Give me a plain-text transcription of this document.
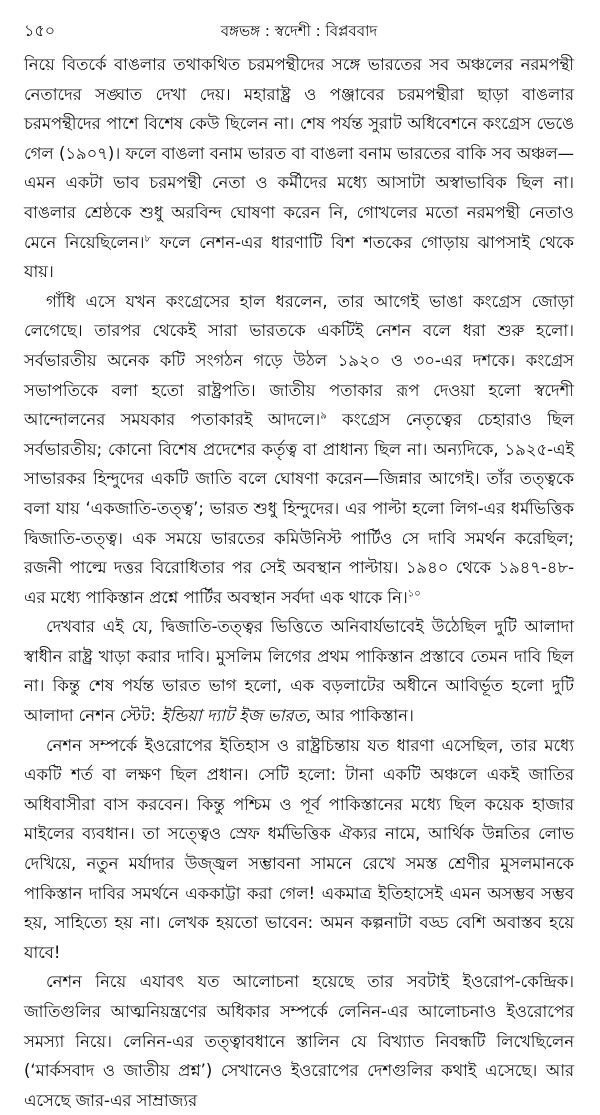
১৫০	বঙ্গভঙ্গ : স্বদেশী : বিপ্লববাদ

নিয়ে বিতর্কে বাঙলার তথাকথিত চরমপন্থীদের সঙ্গে ভারতের সব অঞ্চলের নরমপন্থী নেতাদের সঙ্ঘাত দেখা দেয়। মহারাষ্ট্র ও পঞ্জাবের চরমপন্থীরা ছাড়া বাঙলার চরমপন্থীদের পাশে বিশেষ কেউ ছিলেন না। শেষ পর্যন্ত সুরাট অধিবেশনে কংগ্রেস ভেঙে গেল (১৯০৭)। ফলে বাঙলা বনাম ভারত বা বাঙলা বনাম ভারতের বাকি সব অঞ্চল— এমন একটা ভাব চরমপন্থী নেতা ও কর্মীদের মধ্যে আসাটা অস্বাভাবিক ছিল না। বাঙলার শ্রেষ্ঠকে শুধু অরবিন্দ ঘোষণা করেন নি, গোখলের মতো নরমপন্থী নেতাও মেনে নিয়েছিলেন।$^৮$ ফলে নেশন-এর ধারণাটি বিশ শতকের গোড়ায় ঝাপসাই থেকে যায়।

গাঁধি এসে যখন কংগ্রেসের হাল ধরলেন, তার আগেই ভাঙা কংগ্রেস জোড়া লেগেছে। তারপর থেকেই সারা ভারতকে একটিই নেশন বলে ধরা শুরু হলো। সর্বভারতীয় অনেক কটি সংগঠন গড়ে উঠল ১৯২০ ও ৩০-এর দশকে। কংগ্রেস সভাপতিকে বলা হতো রাষ্ট্রপতি। জাতীয় পতাকার রূপ দেওয়া হলো স্বদেশী আন্দোলনের সমযকার পতাকারই আদলে।$^৯$ কংগ্রেস নেতৃত্বের চেহারাও ছিল সর্বভারতীয়; কোনো বিশেষ প্রদেশের কর্তৃত্ব বা প্রাধান্য ছিল না। অন্যদিকে, ১৯২৫-এই সাভারকর হিন্দুদের একটি জাতি বলে ঘোষণা করেন—জিন্নার আগেই। তাঁর তত্ত্বকে বলা যায় ‘একজাতি-তত্ত্ব’; ভারত শুধু হিন্দুদের। এর পাল্টা হলো লিগ-এর ধর্মভিত্তিক দ্বিজাতি-তত্ত্ব। এক সময়ে ভারতের কমিউনিস্ট পার্টিও সে দাবি সমর্থন করেছিল; রজনী পাল্মে দত্তর বিরোধিতার পর সেই অবস্থান পাল্টায়। ১৯৪০ থেকে ১৯৪৭-৪৮-এর মধ্যে পাকিস্তান প্রশ্নে পার্টির অবস্থান সর্বদা এক থাকে নি।$^{১০}$

দেখবার এই যে, দ্বিজাতি-তত্ত্বর ভিত্তিতে অনিবার্যভাবেই উঠেছিল দুটি আলাদা স্বাধীন রাষ্ট্র খাড়া করার দাবি। মুসলিম লিগের প্রথম পাকিস্তান প্রস্তাবে তেমন দাবি ছিল না। কিন্তু শেষ পর্যন্ত ভারত ভাগ হলো, এক বড়লাটের অধীনে আবির্ভূত হলো দুটি আলাদা নেশন স্টেট: ইন্ডিয়া দ্যাট ইজ ভারত, আর পাকিস্তান।

নেশন সম্পর্কে ইওরোপের ইতিহাস ও রাষ্ট্রচিন্তায় যত ধারণা এসেছিল, তার মধ্যে একটি শর্ত বা লক্ষণ ছিল প্রধান। সেটি হলো: টানা একটি অঞ্চলে একই জাতির অধিবাসীরা বাস করবেন। কিন্তু পশ্চিম ও পূর্ব পাকিস্তানের মধ্যে ছিল কয়েক হাজার মাইলের ব্যবধান। তা সত্ত্বেও স্রেফ ধর্মভিত্তিক ঐক্যর নামে, আর্থিক উন্নতির লোভ দেখিয়ে, নতুন মর্যাদার উজ্জ্বল সম্ভাবনা সামনে রেখে সমস্ত শ্রেণীর মুসলমানকে পাকিস্তান দাবির সমর্থনে এককাট্টা করা গেল! একমাত্র ইতিহাসেই এমন অসম্ভব সম্ভব হয়, সাহিত্যে হয় না। লেখক হয়তো ভাবেন: অমন কল্পনাটা বড্ড বেশি অবাস্তব হয়ে যাবে!

নেশন নিয়ে এযাবৎ যত আলোচনা হয়েছে তার সবটাই ইওরোপ-কেন্দ্রিক। জাতিগুলির আত্মনিয়ন্ত্রণের অধিকার সম্পর্কে লেনিন-এর আলোচনাও ইওরোপের সমস্যা নিয়ে। লেনিন-এর তত্ত্বাবধানে স্তালিন যে বিখ্যাত নিবন্ধটি লিখেছিলেন (‘মার্কসবাদ ও জাতীয় প্রশ্ন’) সেখানেও ইওরোপের দেশগুলির কথাই এসেছে। আর এসেছে জার-এর সাম্রাজ্যর
